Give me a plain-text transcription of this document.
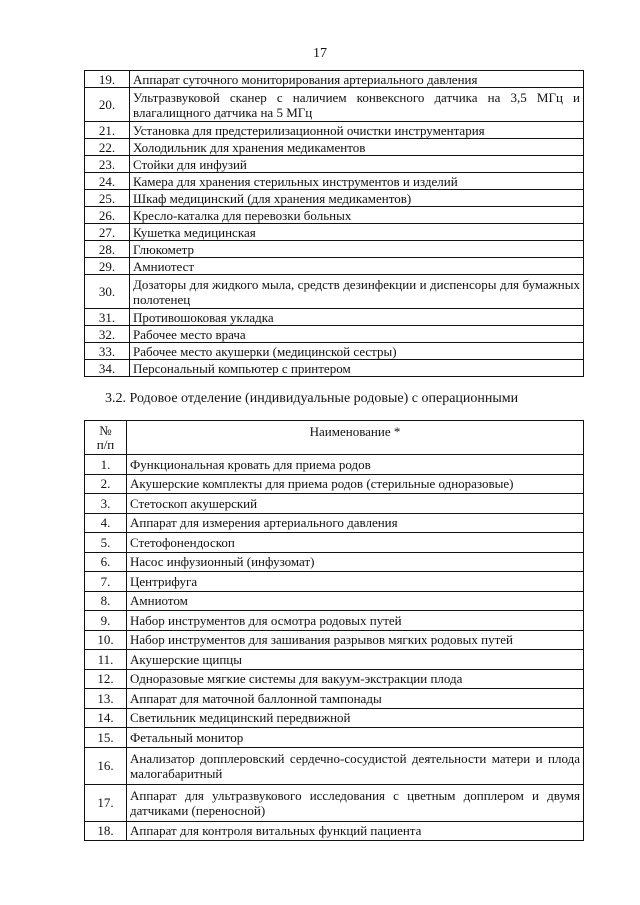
17
19.	Аппарат суточного мониторирования артериального давления
20.	Ультразвуковой сканер с наличием конвексного датчика на 3,5 МГц и влагалищного датчика на 5 МГц
21.	Установка для предстерилизационной очистки инструментария
22.	Холодильник для хранения медикаментов
23.	Стойки для инфузий
24.	Камера для хранения стерильных инструментов и изделий
25.	Шкаф медицинский (для хранения медикаментов)
26.	Кресло-каталка для перевозки больных
27.	Кушетка медицинская
28.	Глюкометр
29.	Амниотест
30.	Дозаторы для жидкого мыла, средств дезинфекции и диспенсоры для бумажных полотенец
31.	Противошоковая укладка
32.	Рабочее место врача
33.	Рабочее место акушерки (медицинской сестры)
34.	Персональный компьютер с принтером
3.2. Родовое отделение (индивидуальные родовые) с операционными
№
п/п	Наименование *
1.	Функциональная кровать для приема родов
2.	Акушерские комплекты для приема родов (стерильные одноразовые)
3.	Стетоскоп акушерский
4.	Аппарат для измерения артериального давления
5.	Стетофонендоскоп
6.	Насос инфузионный (инфузомат)
7.	Центрифуга
8.	Амниотом
9.	Набор инструментов для осмотра родовых путей
10.	Набор инструментов для зашивания разрывов мягких родовых путей
11.	Акушерские щипцы
12.	Одноразовые мягкие системы для вакуум-экстракции плода
13.	Аппарат для маточной баллонной тампонады
14.	Светильник медицинский передвижной
15.	Фетальный монитор
16.	Анализатор допплеровский сердечно-сосудистой деятельности матери и плода малогабаритный
17.	Аппарат для ультразвукового исследования с цветным допплером и двумя датчиками (переносной)
18.	Аппарат для контроля витальных функций пациента
